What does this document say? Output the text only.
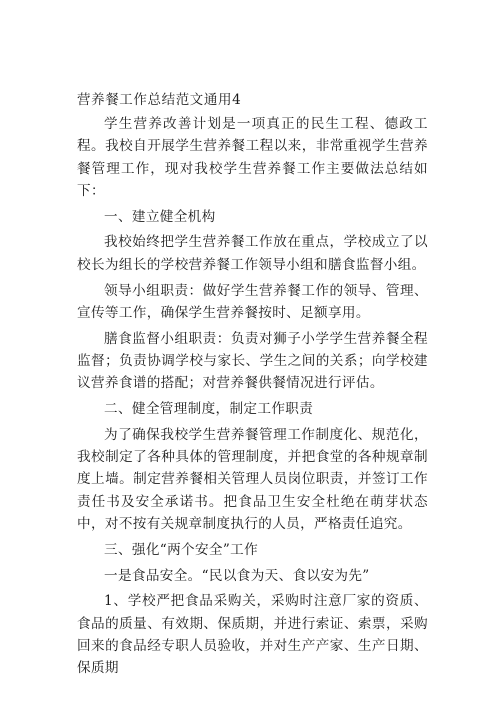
营养餐工作总结范文通用4

学生营养改善计划是一项真正的民生工程、德政工程。我校自开展学生营养餐工程以来，非常重视学生营养餐管理工作，现对我校学生营养餐工作主要做法总结如下：

一、建立健全机构

我校始终把学生营养餐工作放在重点，学校成立了以校长为组长的学校营养餐工作领导小组和膳食监督小组。

领导小组职责：做好学生营养餐工作的领导、管理、宣传等工作，确保学生营养餐按时、足额享用。

膳食监督小组职责：负责对狮子小学学生营养餐全程监督；负责协调学校与家长、学生之间的关系；向学校建议营养食谱的搭配；对营养餐供餐情况进行评估。

二、健全管理制度，制定工作职责

为了确保我校学生营养餐管理工作制度化、规范化，我校制定了各种具体的管理制度，并把食堂的各种规章制度上墙。制定营养餐相关管理人员岗位职责，并签订工作责任书及安全承诺书。把食品卫生安全杜绝在萌芽状态中，对不按有关规章制度执行的人员，严格责任追究。

三、强化“两个安全”工作

一是食品安全。“民以食为天、食以安为先”

1、学校严把食品采购关，采购时注意厂家的资质、食品的质量、有效期、保质期，并进行索证、索票，采购回来的食品经专职人员验收，并对生产产家、生产日期、保质期
